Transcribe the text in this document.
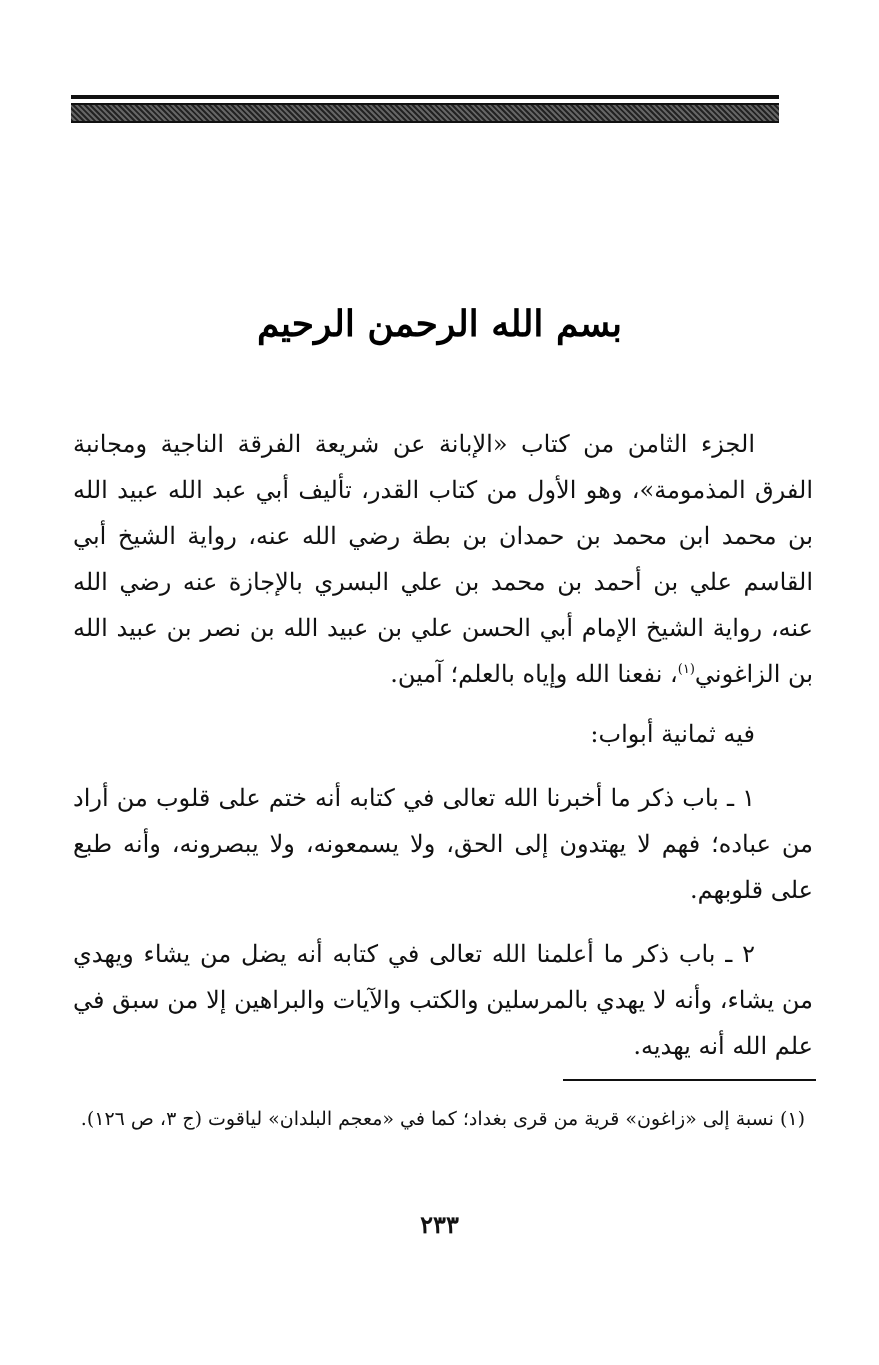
بسم الله الرحمن الرحيم

الجزء الثامن من كتاب «الإبانة عن شريعة الفرقة الناجية ومجانبة الفرق المذمومة»، وهو الأول من كتاب القدر، تأليف أبي عبد الله عبيد الله بن محمد ابن محمد بن حمدان بن بطة رضي الله عنه، رواية الشيخ أبي القاسم علي بن أحمد بن محمد بن علي البسري بالإجازة عنه رضي الله عنه، رواية الشيخ الإمام أبي الحسن علي بن عبيد الله بن نصر بن عبيد الله بن الزاغوني$^{(١)}$، نفعنا الله وإياه بالعلم؛ آمين.

فيه ثمانية أبواب:

١ ـ باب ذكر ما أخبرنا الله تعالى في كتابه أنه ختم على قلوب من أراد من عباده؛ فهم لا يهتدون إلى الحق، ولا يسمعونه، ولا يبصرونه، وأنه طبع على قلوبهم.

٢ ـ باب ذكر ما أعلمنا الله تعالى في كتابه أنه يضل من يشاء ويهدي من يشاء، وأنه لا يهدي بالمرسلين والكتب والآيات والبراهين إلا من سبق في علم الله أنه يهديه.

(١) نسبة إلى «زاغون» قرية من قرى بغداد؛ كما في «معجم البلدان» لياقوت (ج ٣، ص ١٢٦).

٢٣٣
